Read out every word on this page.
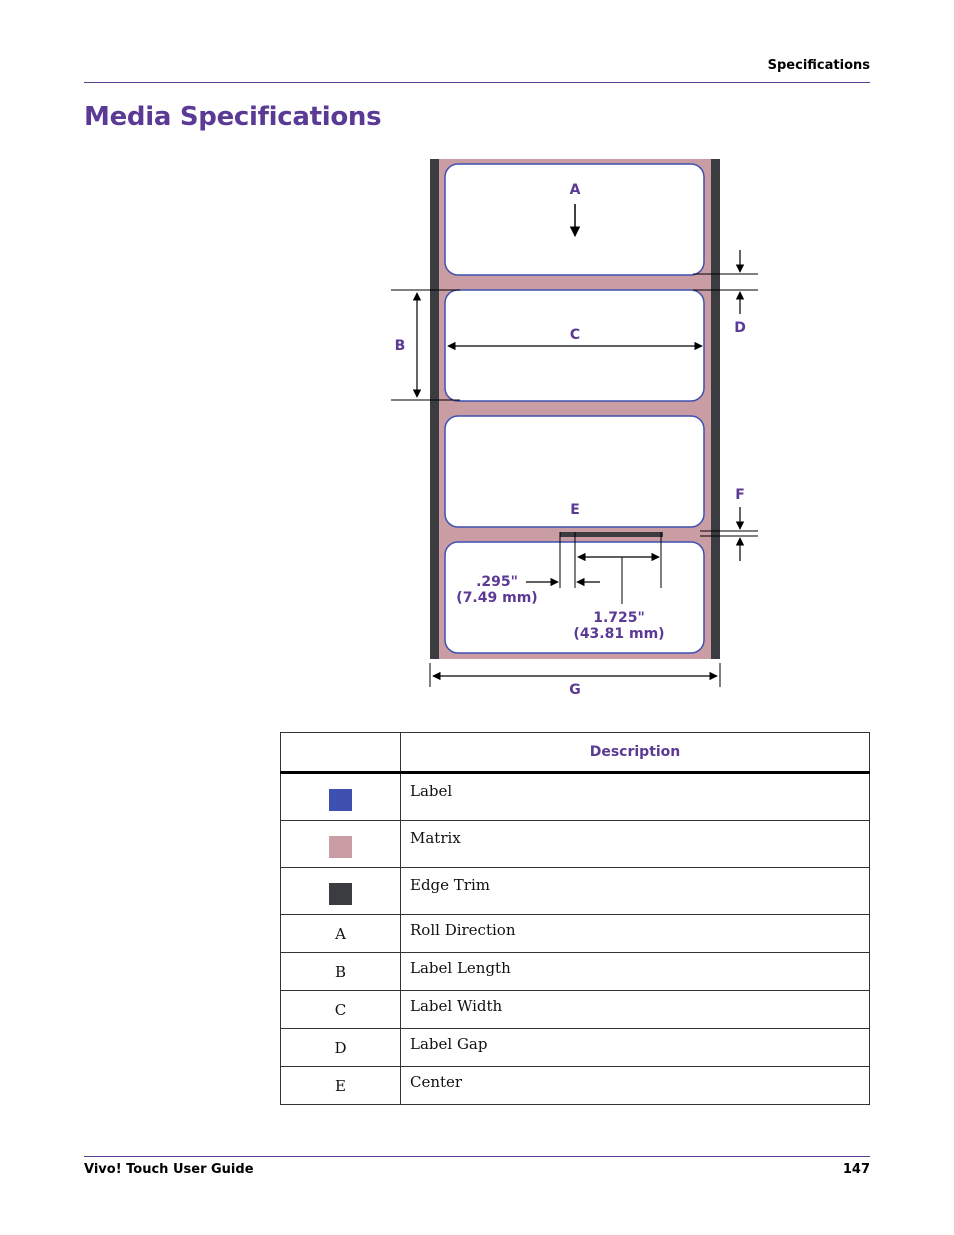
Specifications
Media Specifications
A
B
C	D
F
E
.295"
(7.49 mm)
1.725"
(43.81 mm)
G
	Description
	Label
	Matrix
	Edge Trim
A	Roll Direction
B	Label Length
C	Label Width
D	Label Gap
E	Center
Vivo! Touch User Guide	147
